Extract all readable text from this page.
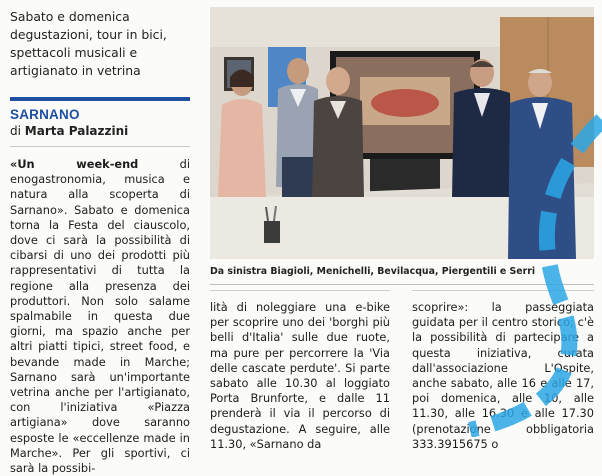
Sabato e domenica degustazioni, tour in bici, spettacoli musicali e artigianato in vetrina
SARNANO
di Marta Palazzini
«Un week-end di enogastronomia, musica e natura alla scoperta di Sarnano». Sabato e domenica torna la Festa del ciauscolo, dove ci sarà la possibilità di cibarsi di uno dei prodotti più rappresentativi di tutta la regione alla presenza dei produttori. Non solo salame spalmabile in questa due giorni, ma spazio anche per altri piatti tipici, street food, e bevande made in Marche; Sarnano sarà un'importante vetrina anche per l'artigianato, con l'iniziativa «Piazza artigiana» dove saranno esposte le «eccellenze made in Marche». Per gli sportivi, ci sarà la possibi-
Da sinistra Biagioli, Menichelli, Bevilacqua, Piergentili e Serri
lità di noleggiare una e-bike per scoprire uno dei 'borghi più belli d'Italia' sulle due ruote, ma pure per percorrere la 'Via delle cascate perdute'. Si parte sabato alle 10.30 al loggiato Porta Brunforte, e dalle 11 prenderà il via il percorso di degustazione. A seguire, alle 11.30, «Sarnano da
scoprire»: la passeggiata guidata per il centro storico; c'è la possibilità di partecipare a questa iniziativa, curata dall'associazione L'Ospite, anche sabato, alle 16 e alle 17, poi domenica, alle 10, alle 11.30, alle 16.30 e alle 17.30 (prenotazione obbligatoria 333.3915675 o
